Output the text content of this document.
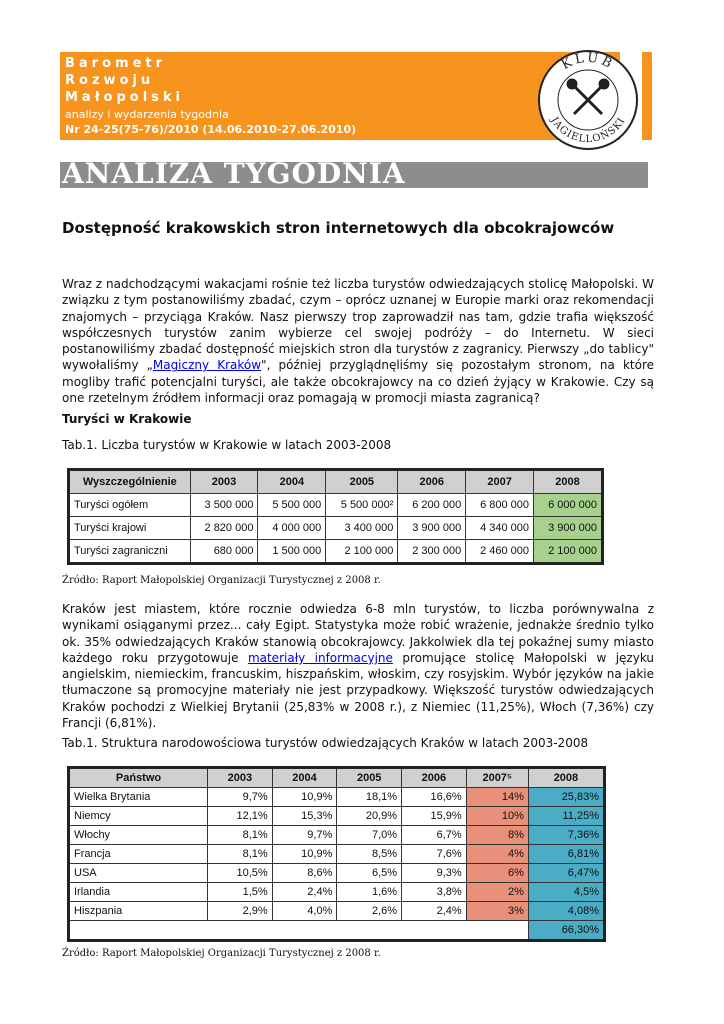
Barometr
Rozwoju
Małopolski
analizy i wydarzenia tygodnia
Nr 24-25(75-76)/2010 (14.06.2010-27.06.2010)
KLUB
JAGIELLOŃSKI
ANALIZA TYGODNIA
Dostępność krakowskich stron internetowych dla obcokrajowców

Wraz z nadchodzącymi wakacjami rośnie też liczba turystów odwiedzających stolicę Małopolski. W związku z tym postanowiliśmy zbadać, czym – oprócz uznanej w Europie marki oraz rekomendacji znajomych – przyciąga Kraków. Nasz pierwszy trop zaprowadził nas tam, gdzie trafia większość współczesnych turystów zanim wybierze cel swojej podróży – do Internetu. W sieci postanowiliśmy zbadać dostępność miejskich stron dla turystów z zagranicy. Pierwszy „do tablicy" wywołaliśmy „Magiczny Kraków", później przyglądnęliśmy się pozostałym stronom, na które mogliby trafić potencjalni turyści, ale także obcokrajowcy na co dzień żyjący w Krakowie. Czy są one rzetelnym źródłem informacji oraz pomagają w promocji miasta zagranicą?

Turyści w Krakowie

Tab.1. Liczba turystów w Krakowie w latach 2003-2008

Wyszczególnienie	2003	2004	2005	2006	2007	2008
Turyści ogółem	3 500 000	5 500 000	5 500 000²	6 200 000	6 800 000	6 000 000
Turyści krajowi	2 820 000	4 000 000	3 400 000	3 900 000	4 340 000	3 900 000
Turyści zagraniczni	680 000	1 500 000	2 100 000	2 300 000	2 460 000	2 100 000
Źródło: Raport Małopolskiej Organizacji Turystycznej z 2008 r.

Kraków jest miastem, które rocznie odwiedza 6-8 mln turystów, to liczba porównywalna z wynikami osiąganymi przez... cały Egipt. Statystyka może robić wrażenie, jednakże średnio tylko ok. 35% odwiedzających Kraków stanowią obcokrajowcy. Jakkolwiek dla tej pokaźnej sumy miasto każdego roku przygotowuje materiały informacyjne promujące stolicę Małopolski w języku angielskim, niemieckim, francuskim, hiszpańskim, włoskim, czy rosyjskim. Wybór języków na jakie tłumaczone są promocyjne materiały nie jest przypadkowy. Większość turystów odwiedzających Kraków pochodzi z Wielkiej Brytanii (25,83% w 2008 r.), z Niemiec (11,25%), Włoch (7,36%) czy Francji (6,81%).

Tab.1. Struktura narodowościowa turystów odwiedzających Kraków w latach 2003-2008

Państwo	2003	2004	2005	2006	2007⁵	2008
Wielka Brytania	9,7%	10,9%	18,1%	16,6%	14%	25,83%
Niemcy	12,1%	15,3%	20,9%	15,9%	10%	11,25%
Włochy	8,1%	9,7%	7,0%	6,7%	8%	7,36%
Francja	8,1%	10,9%	8,5%	7,6%	4%	6,81%
USA	10,5%	8,6%	6,5%	9,3%	6%	6,47%
Irlandia	1,5%	2,4%	1,6%	3,8%	2%	4,5%
Hiszpania	2,9%	4,0%	2,6%	2,4%	3%	4,08%
						66,30%
Źródło: Raport Małopolskiej Organizacji Turystycznej z 2008 r.
